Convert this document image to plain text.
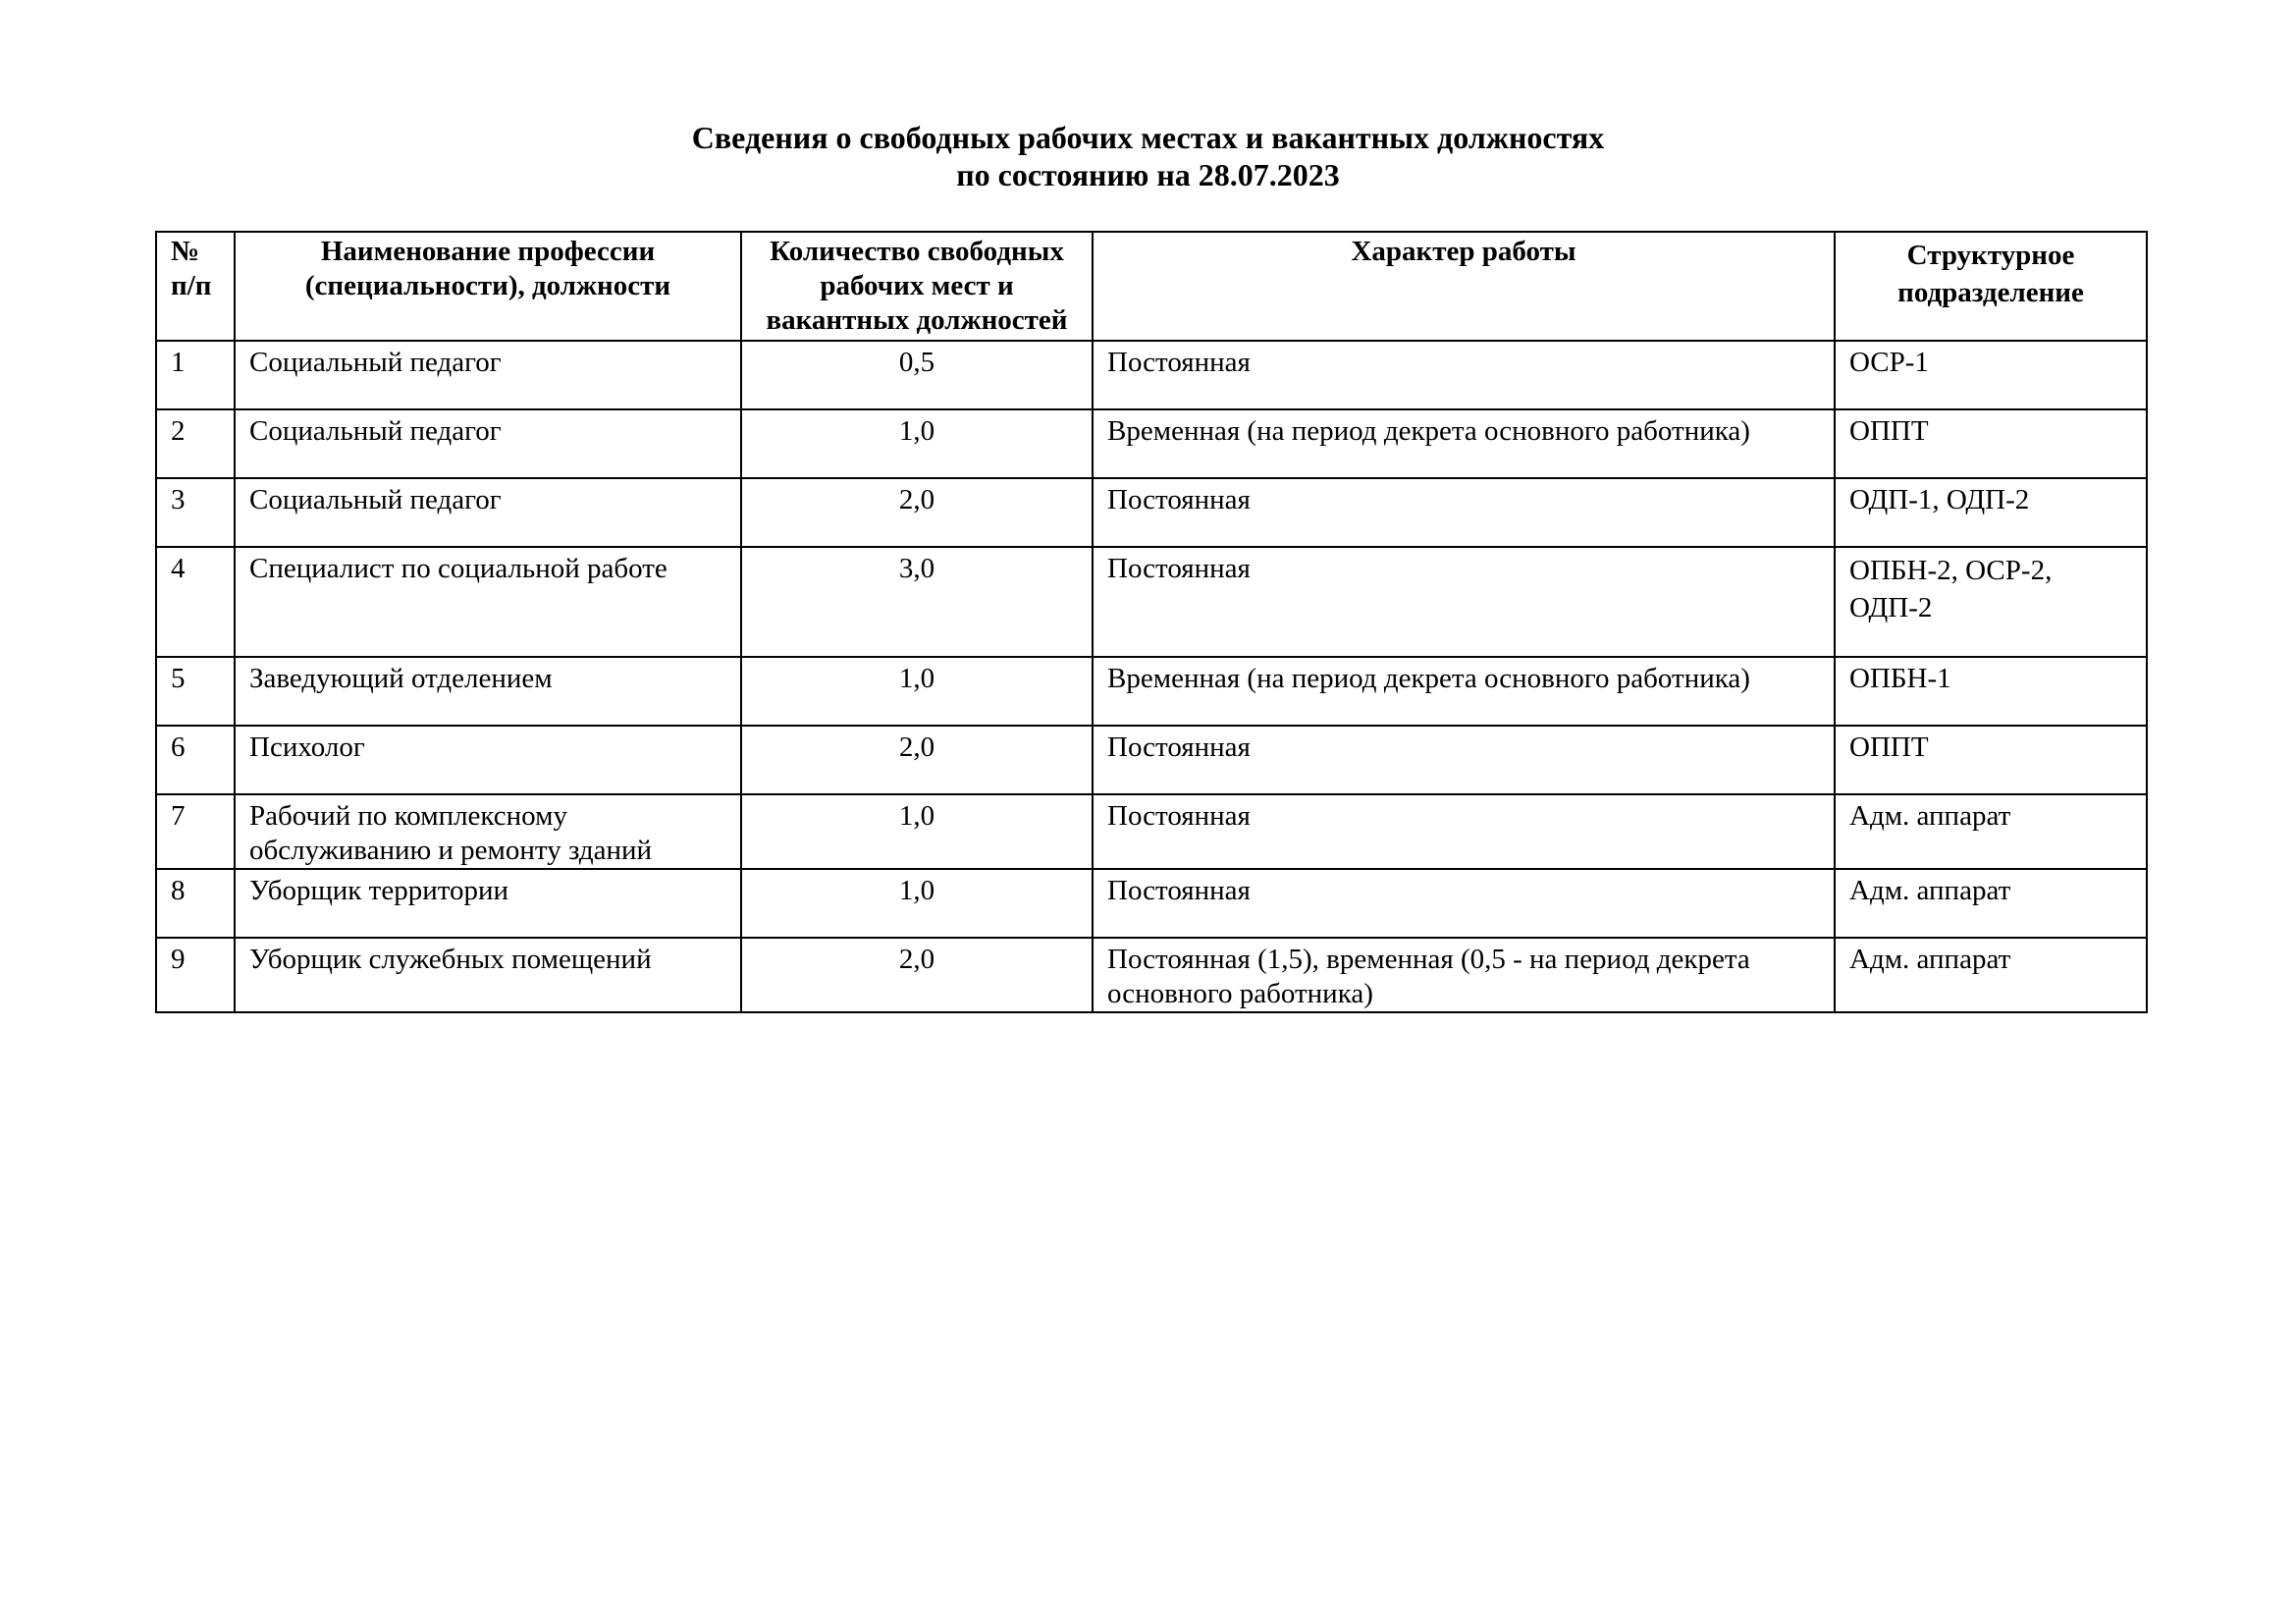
Сведения о свободных рабочих местах и вакантных должностях
по состоянию на 28.07.2023
№ п/п	Наименование профессии (специальности), должности	Количество свободных рабочих мест и вакантных должностей	Характер работы	Структурное подразделение
1	Социальный педагог	0,5	Постоянная	ОСР-1
2	Социальный педагог	1,0	Временная (на период декрета основного работника)	ОППТ
3	Социальный педагог	2,0	Постоянная	ОДП-1, ОДП-2
4	Специалист по социальной работе	3,0	Постоянная	ОПБН-2, ОСР-2, ОДП-2
5	Заведующий отделением	1,0	Временная (на период декрета основного работника)	ОПБН-1
6	Психолог	2,0	Постоянная	ОППТ
7	Рабочий по комплексному обслуживанию и ремонту зданий	1,0	Постоянная	Адм. аппарат
8	Уборщик территории	1,0	Постоянная	Адм. аппарат
9	Уборщик служебных помещений	2,0	Постоянная (1,5), временная (0,5 - на период декрета основного работника)	Адм. аппарат
